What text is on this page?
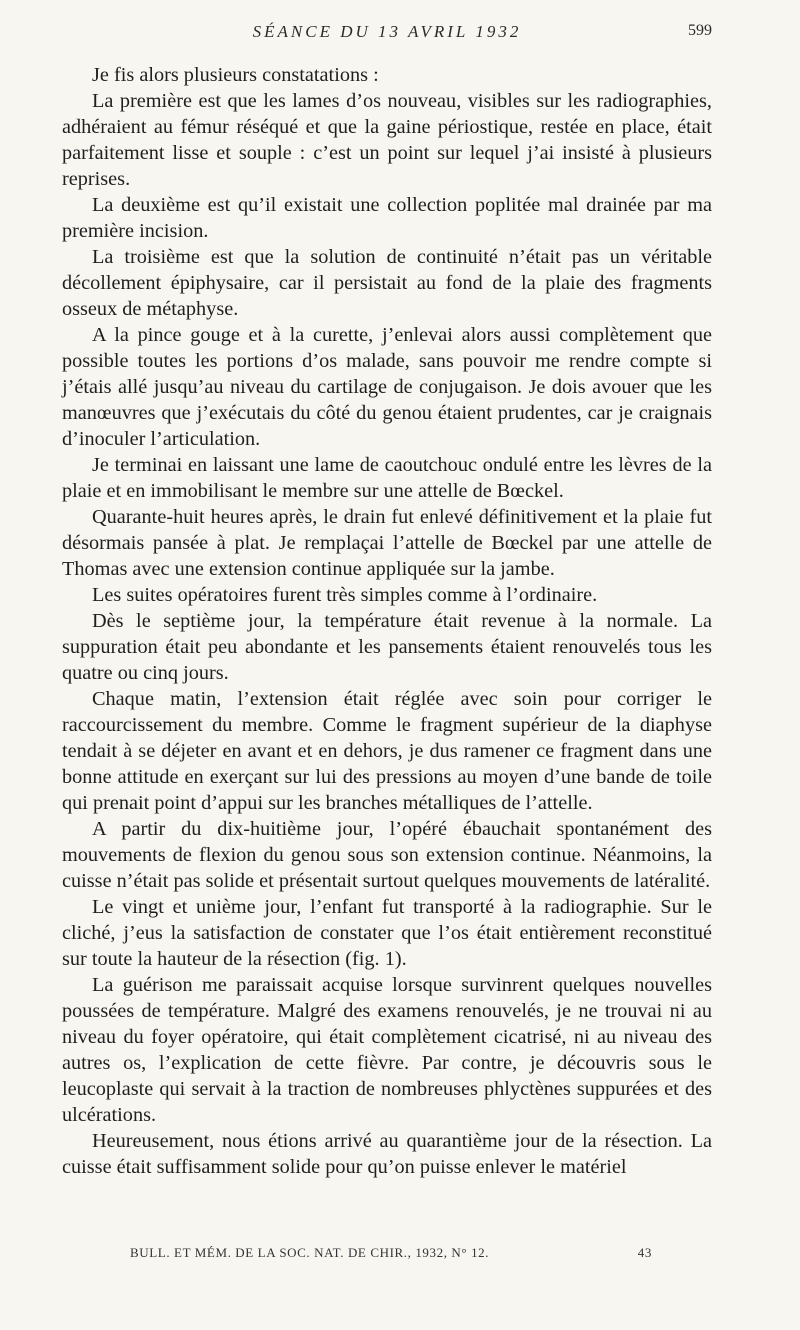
SÉANCE DU 13 AVRIL 1932	599

Je fis alors plusieurs constatations :

La première est que les lames d’os nouveau, visibles sur les radiographies, adhéraient au fémur réséqué et que la gaine périostique, restée en place, était parfaitement lisse et souple : c’est un point sur lequel j’ai insisté à plusieurs reprises.

La deuxième est qu’il existait une collection poplitée mal drainée par ma première incision.

La troisième est que la solution de continuité n’était pas un véritable décollement épiphysaire, car il persistait au fond de la plaie des fragments osseux de métaphyse.

A la pince gouge et à la curette, j’enlevai alors aussi complètement que possible toutes les portions d’os malade, sans pouvoir me rendre compte si j’étais allé jusqu’au niveau du cartilage de conjugaison. Je dois avouer que les manœuvres que j’exécutais du côté du genou étaient prudentes, car je craignais d’inoculer l’articulation.

Je terminai en laissant une lame de caoutchouc ondulé entre les lèvres de la plaie et en immobilisant le membre sur une attelle de Bœckel.

Quarante-huit heures après, le drain fut enlevé définitivement et la plaie fut désormais pansée à plat. Je remplaçai l’attelle de Bœckel par une attelle de Thomas avec une extension continue appliquée sur la jambe.

Les suites opératoires furent très simples comme à l’ordinaire.

Dès le septième jour, la température était revenue à la normale. La suppuration était peu abondante et les pansements étaient renouvelés tous les quatre ou cinq jours.

Chaque matin, l’extension était réglée avec soin pour corriger le raccourcissement du membre. Comme le fragment supérieur de la diaphyse tendait à se déjeter en avant et en dehors, je dus ramener ce fragment dans une bonne attitude en exerçant sur lui des pressions au moyen d’une bande de toile qui prenait point d’appui sur les branches métalliques de l’attelle.

A partir du dix-huitième jour, l’opéré ébauchait spontanément des mouvements de flexion du genou sous son extension continue. Néanmoins, la cuisse n’était pas solide et présentait surtout quelques mouvements de latéralité.

Le vingt et unième jour, l’enfant fut transporté à la radiographie. Sur le cliché, j’eus la satisfaction de constater que l’os était entièrement reconstitué sur toute la hauteur de la résection (fig. 1).

La guérison me paraissait acquise lorsque survinrent quelques nouvelles poussées de température. Malgré des examens renouvelés, je ne trouvai ni au niveau du foyer opératoire, qui était complètement cicatrisé, ni au niveau des autres os, l’explication de cette fièvre. Par contre, je découvris sous le leucoplaste qui servait à la traction de nombreuses phlyctènes suppurées et des ulcérations.

Heureusement, nous étions arrivé au quarantième jour de la résection. La cuisse était suffisamment solide pour qu’on puisse enlever le matériel

BULL. ET MÉM. DE LA SOC. NAT. DE CHIR., 1932, N° 12.	43
